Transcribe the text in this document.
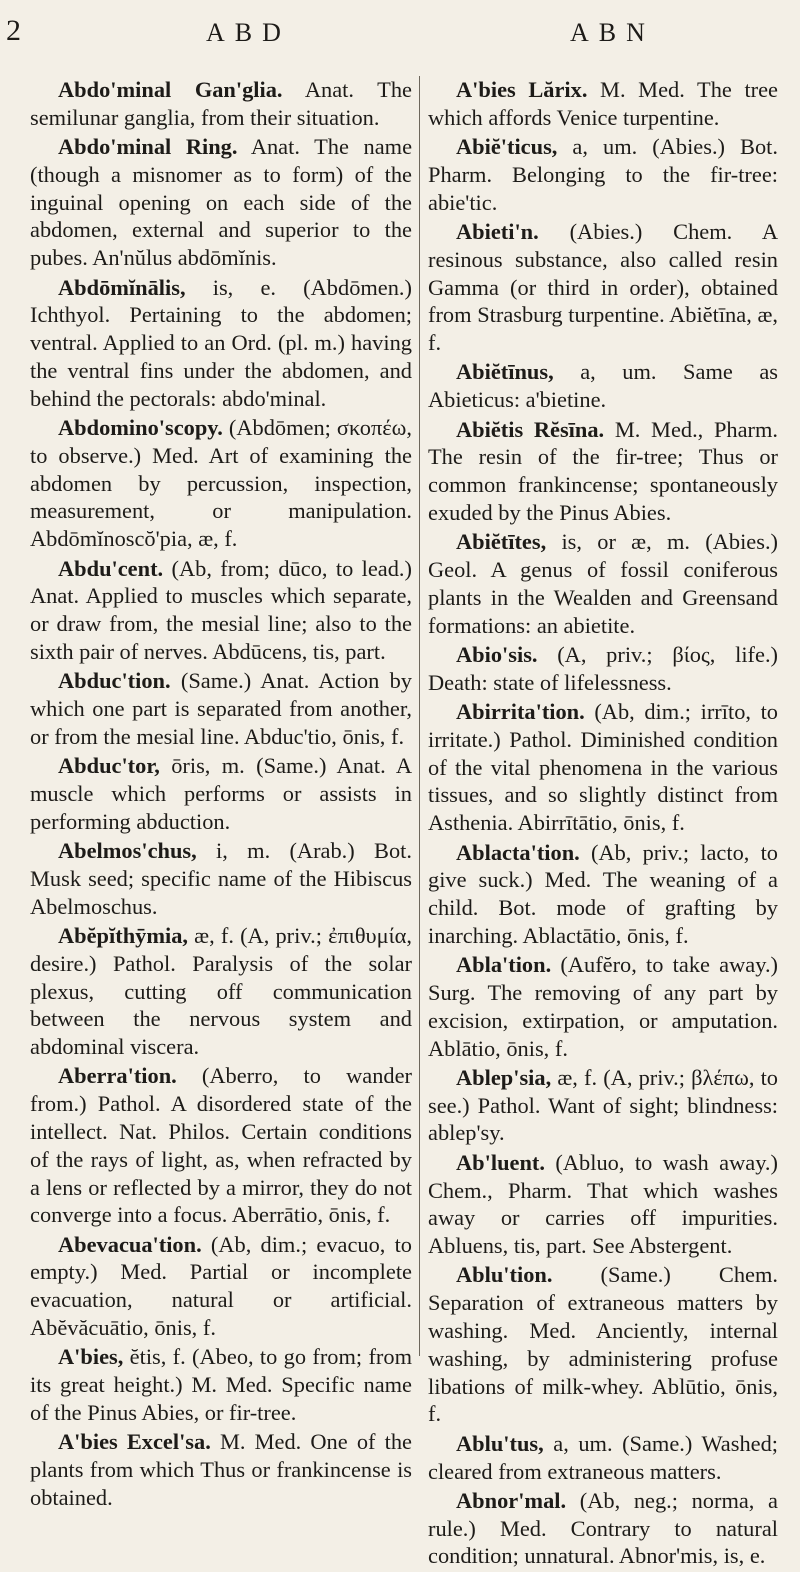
2	ABD	ABN

Abdo'minal Gan'glia. Anat. The semilunar ganglia, from their situation.

Abdo'minal Ring. Anat. The name (though a misnomer as to form) of the inguinal opening on each side of the abdomen, external and superior to the pubes. An'nŭlus abdōmĭnis.

Abdōmĭnālis, is, e. (Abdōmen.) Ichthyol. Pertaining to the abdomen; ventral. Applied to an Ord. (pl. m.) having the ventral fins under the abdomen, and behind the pectorals: abdo'minal.

Abdomino'scopy. (Abdōmen; σκοπέω, to observe.) Med. Art of examining the abdomen by percussion, inspection, measurement, or manipulation. Abdōmĭnoscŏ'pia, æ, f.

Abdu'cent. (Ab, from; dūco, to lead.) Anat. Applied to muscles which separate, or draw from, the mesial line; also to the sixth pair of nerves. Abdūcens, tis, part.

Abduc'tion. (Same.) Anat. Action by which one part is separated from another, or from the mesial line. Abduc'tio, ōnis, f.

Abduc'tor, ōris, m. (Same.) Anat. A muscle which performs or assists in performing abduction.

Abelmos'chus, i, m. (Arab.) Bot. Musk seed; specific name of the Hibiscus Abelmoschus.

Abĕpĭthȳmia, æ, f. (A, priv.; ἐπιθυμία, desire.) Pathol. Paralysis of the solar plexus, cutting off communication between the nervous system and abdominal viscera.

Aberra'tion. (Aberro, to wander from.) Pathol. A disordered state of the intellect. Nat. Philos. Certain conditions of the rays of light, as, when refracted by a lens or reflected by a mirror, they do not converge into a focus. Aberrātio, ōnis, f.

Abevacua'tion. (Ab, dim.; evacuo, to empty.) Med. Partial or incomplete evacuation, natural or artificial. Abĕvăcuātio, ōnis, f.

A'bies, ĕtis, f. (Abeo, to go from; from its great height.) M. Med. Specific name of the Pinus Abies, or fir-tree.

A'bies Excel'sa. M. Med. One of the plants from which Thus or frankincense is obtained.

A'bies Lărix. M. Med. The tree which affords Venice turpentine.

Abiĕ'ticus, a, um. (Abies.) Bot. Pharm. Belonging to the fir-tree: abie'tic.

Abieti'n. (Abies.) Chem. A resinous substance, also called resin Gamma (or third in order), obtained from Strasburg turpentine. Abiĕtīna, æ, f.

Abiĕtīnus, a, um. Same as Abieticus: a'bietine.

Abiĕtis Rĕsīna. M. Med., Pharm. The resin of the fir-tree; Thus or common frankincense; spontaneously exuded by the Pinus Abies.

Abiĕtītes, is, or æ, m. (Abies.) Geol. A genus of fossil coniferous plants in the Wealden and Greensand formations: an abietite.

Abio'sis. (A, priv.; βίος, life.) Death: state of lifelessness.

Abirrita'tion. (Ab, dim.; irrīto, to irritate.) Pathol. Diminished condition of the vital phenomena in the various tissues, and so slightly distinct from Asthenia. Abirrītātio, ōnis, f.

Ablacta'tion. (Ab, priv.; lacto, to give suck.) Med. The weaning of a child. Bot. mode of grafting by inarching. Ablactātio, ōnis, f.

Abla'tion. (Aufĕro, to take away.) Surg. The removing of any part by excision, extirpation, or amputation. Ablātio, ōnis, f.

Ablep'sia, æ, f. (A, priv.; βλέπω, to see.) Pathol. Want of sight; blindness: ablep'sy.

Ab'luent. (Abluo, to wash away.) Chem., Pharm. That which washes away or carries off impurities. Abluens, tis, part. See Abstergent.

Ablu'tion. (Same.) Chem. Separation of extraneous matters by washing. Med. Anciently, internal washing, by administering profuse libations of milk-whey. Ablūtio, ōnis, f.

Ablu'tus, a, um. (Same.) Washed; cleared from extraneous matters.

Abnor'mal. (Ab, neg.; norma, a rule.) Med. Contrary to natural condition; unnatural. Abnor'mis, is, e.
